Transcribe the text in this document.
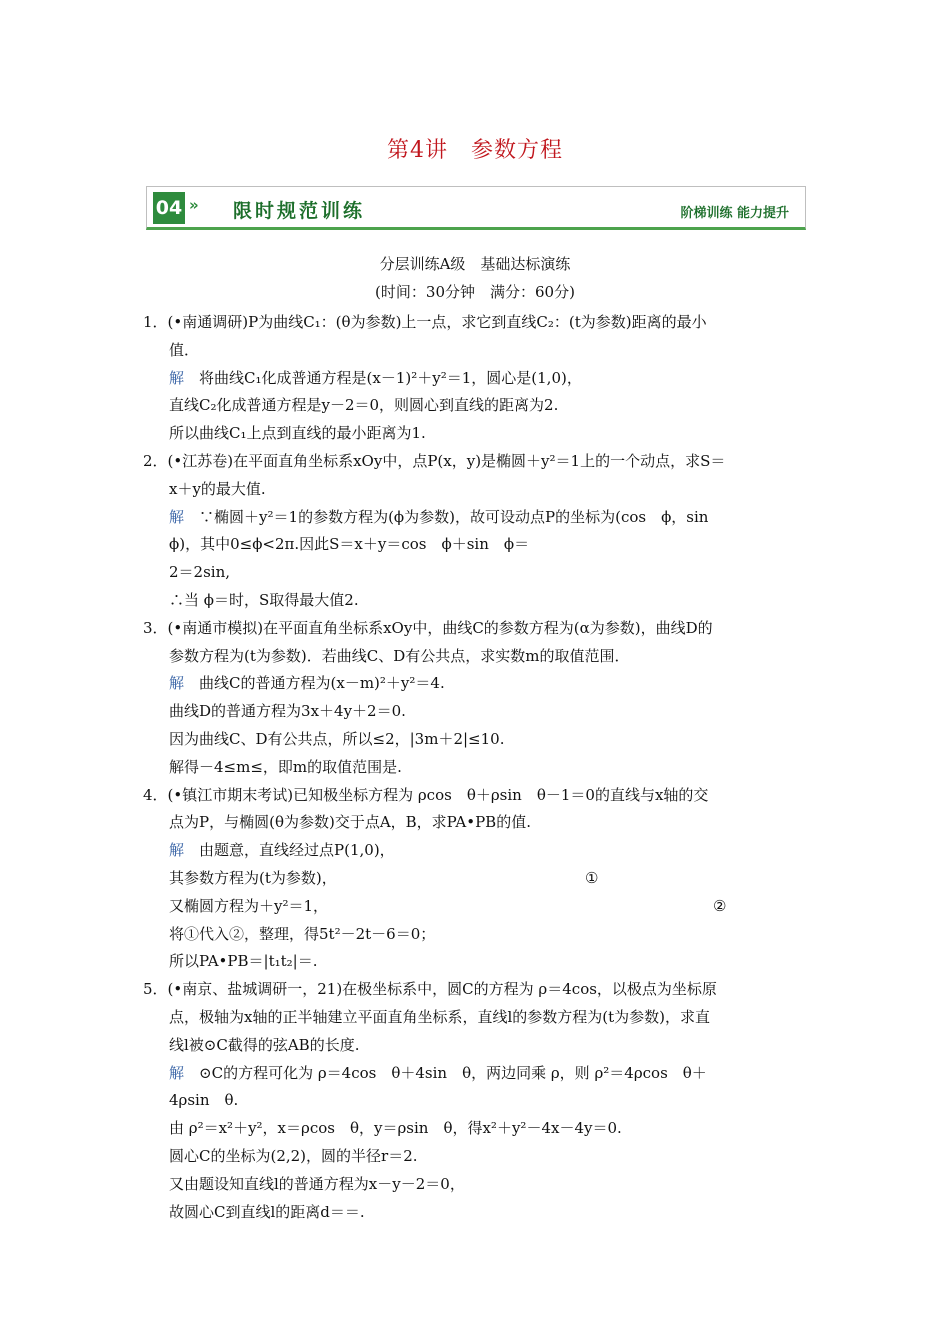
第4讲　参数方程
04 » 限时规范训练	阶梯训练 能力提升
分层训练A级　基础达标演练
(时间：30分钟　满分：60分)

1．(•南通调研)P为曲线C₁：(θ为参数)上一点，求它到直线C₂：(t为参数)距离的最小

值．

解　 将曲线C₁化成普通方程是(x－1)²＋y²＝1，圆心是(1,0)，

直线C₂化成普通方程是y－2＝0，则圆心到直线的距离为2.

所以曲线C₁上点到直线的最小距离为1.

2．(•江苏卷)在平面直角坐标系xOy中，点P(x，y)是椭圆＋y²＝1上的一个动点，求S＝

x＋y的最大值.

解　 ∵椭圆＋y²＝1的参数方程为(ϕ为参数)，故可设动点P的坐标为(cos　ϕ，sin

ϕ)，其中0≤ϕ<2π.因此S＝x＋y＝cos　ϕ＋sin　ϕ＝

2＝2sin,

∴当 ϕ＝时，S取得最大值2.

3．(•南通市模拟)在平面直角坐标系xOy中，曲线C的参数方程为(α为参数)，曲线D的

参数方程为(t为参数)．若曲线C、D有公共点，求实数m的取值范围．

解　 曲线C的普通方程为(x－m)²＋y²＝4.

曲线D的普通方程为3x＋4y＋2＝0.

因为曲线C、D有公共点，所以≤2，|3m＋2|≤10.

解得－4≤m≤，即m的取值范围是.

4．(•镇江市期末考试)已知极坐标方程为 ρcos　θ＋ρsin　θ－1＝0的直线与x轴的交

点为P，与椭圆(θ为参数)交于点A，B，求PA•PB的值.

解　 由题意，直线经过点P(1,0)，

其参数方程为(t为参数)，	①

又椭圆方程为＋y²＝1，	②

将①代入②，整理，得5t²－2t－6＝0；

所以PA•PB＝|t₁t₂|＝.

5．(•南京、盐城调研一，21)在极坐标系中，圆C的方程为 ρ＝4cos，以极点为坐标原

点，极轴为x轴的正半轴建立平面直角坐标系，直线l的参数方程为(t为参数)，求直

线l被⊙C截得的弦AB的长度.

解　 ⊙C的方程可化为 ρ＝4cos　θ＋4sin　θ，两边同乘 ρ，则 ρ²＝4ρcos　θ＋

4ρsin　θ.

由 ρ²＝x²＋y²，x＝ρcos　θ，y＝ρsin　θ，得x²＋y²－4x－4y＝0.

圆心C的坐标为(2,2)，圆的半径r＝2.

又由题设知直线l的普通方程为x－y－2＝0，

故圆心C到直线l的距离d＝＝.
